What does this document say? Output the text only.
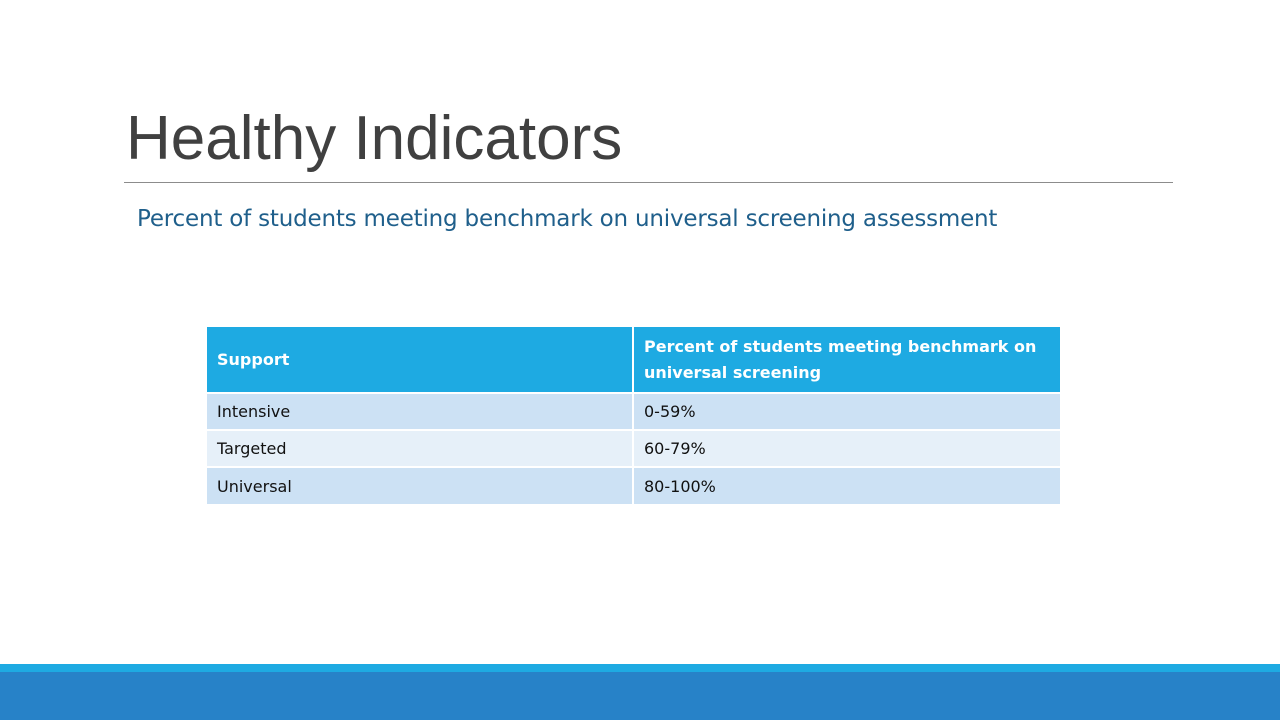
Healthy Indicators
Percent of students meeting benchmark on universal screening assessment
Support	Percent of students meeting benchmark on universal screening
Intensive	0-59%
Targeted	60-79%
Universal	80-100%
